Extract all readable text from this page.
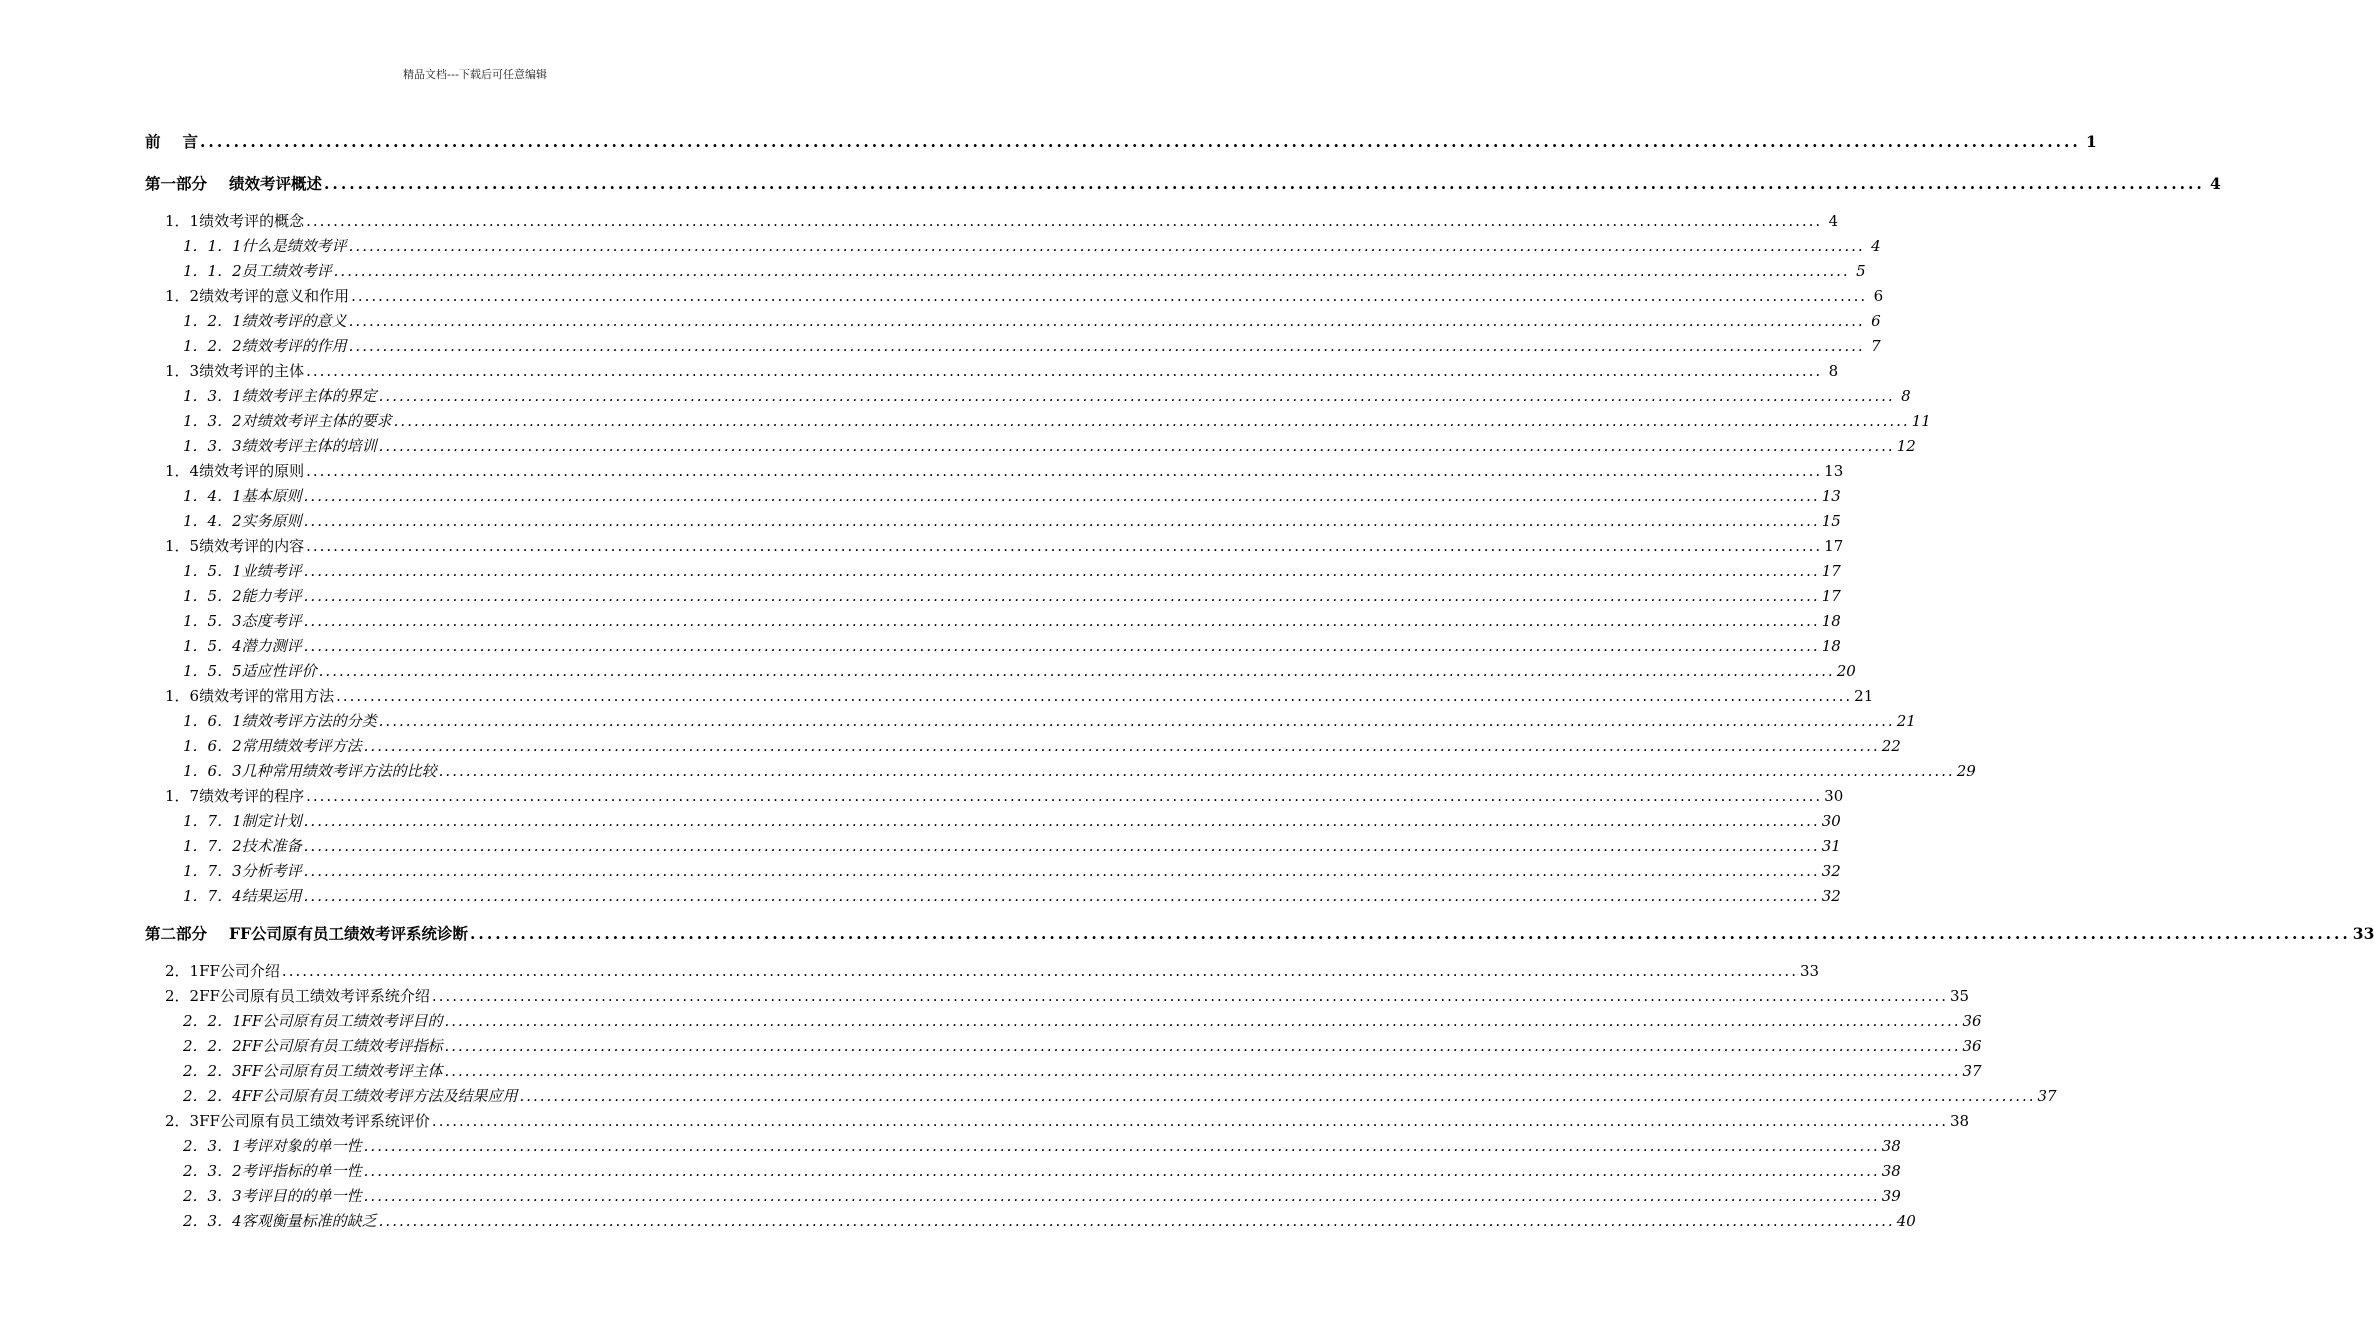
精品文档---下载后可任意编辑
前 言 .....	1
第一部分 绩效考评概述 .....	4
1．1 绩效考评的概念 .....	4
1．1．1 什么是绩效考评 .....	4
1．1．2 员工绩效考评 .....	5
1．2 绩效考评的意义和作用 .....	6
1．2．1 绩效考评的意义 .....	6
1．2．2 绩效考评的作用 .....	7
1．3 绩效考评的主体 .....	8
1．3．1 绩效考评主体的界定 .....	8
1．3．2 对绩效考评主体的要求 .....	11
1．3．3 绩效考评主体的培训 .....	12
1．4 绩效考评的原则 .....	13
1．4．1 基本原则 .....	13
1．4．2 实务原则 .....	15
1．5 绩效考评的内容 .....	17
1．5．1 业绩考评 .....	17
1．5．2 能力考评 .....	17
1．5．3 态度考评 .....	18
1．5．4 潜力测评 .....	18
1．5．5 适应性评价 .....	20
1．6 绩效考评的常用方法 .....	21
1．6．1 绩效考评方法的分类 .....	21
1．6．2 常用绩效考评方法 .....	22
1．6．3 几种常用绩效考评方法的比较 .....	29
1．7 绩效考评的程序 .....	30
1．7．1 制定计划 .....	30
1．7．2 技术准备 .....	31
1．7．3 分析考评 .....	32
1．7．4 结果运用 .....	32
第二部分 FF公司原有员工绩效考评系统诊断 .....	33
2．1 FF公司介绍 .....	33
2．2 FF公司原有员工绩效考评系统介绍 .....	35
2．2．1 FF公司原有员工绩效考评目的 .....	36
2．2．2 FF公司原有员工绩效考评指标 .....	36
2．2．3 FF公司原有员工绩效考评主体 .....	37
2．2．4 FF公司原有员工绩效考评方法及结果应用 .....	37
2．3 FF公司原有员工绩效考评系统评价 .....	38
2．3．1 考评对象的单一性 .....	38
2．3．2 考评指标的单一性 .....	38
2．3．3 考评目的的单一性 .....	39
2．3．4 客观衡量标准的缺乏 .....	40
